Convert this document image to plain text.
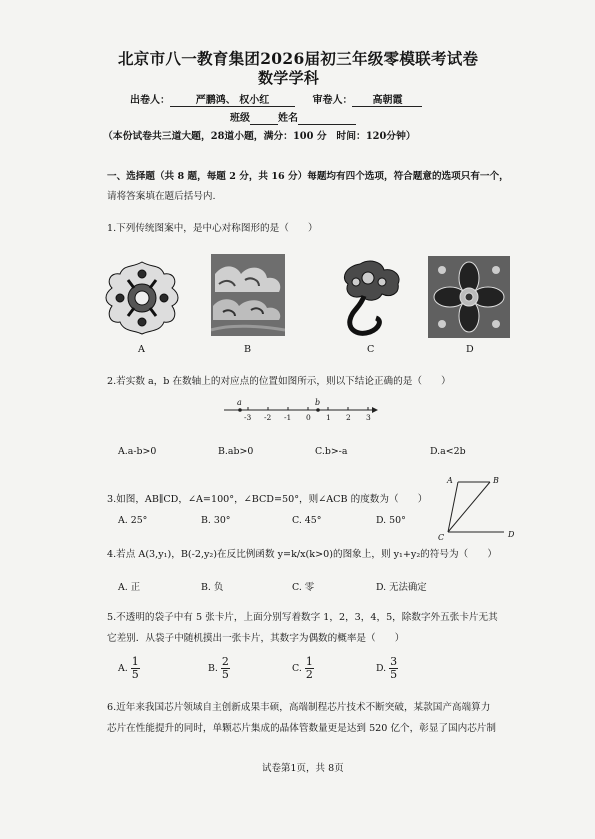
北京市八一教育集团2026届初三年级零模联考试卷
数学学科
出卷人：	严鹏鸿、 权小红	审卷人： 高朝霞
班级	姓名
（本份试卷共三道大题，28道小题，满分：100 分　时间：120分钟）
一、选择题（共 8 题，每题 2 分，共 16 分）每题均有四个选项，符合题意的选项只有一个，
请将答案填在题后括号内.
1.下列传统图案中，是中心对称图形的是（　　）
A	B	C	D
2.若实数 a，b 在数轴上的对应点的位置如图所示，则以下结论正确的是（　　）
a	b
-3 -2 -1 0 1 2 3
A.a-b>0	B.ab>0	C.b>-a	D.a<2b
3.如图，AB∥CD，∠A=100°，∠BCD=50°，则∠ACB 的度数为（　　）
A. 25°	B. 30°	C. 45°	D. 50°
A	B
C	D
4.若点 A(3,y₁)，B(-2,y₂)在反比例函数 y=k/x(k>0)的图象上，则 y₁+y₂的符号为（　　）
A. 正	B. 负	C. 零	D. 无法确定
5.不透明的袋子中有 5 张卡片，上面分别写着数字 1，2，3，4，5，除数字外五张卡片无其
它差别．从袋子中随机摸出一张卡片，其数字为偶数的概率是（　　）
A. $\frac{1}{5}$	B. $\frac{2}{5}$	C. $\frac{1}{2}$	D. $\frac{3}{5}$
6.近年来我国芯片领域自主创新成果丰硕，高端制程芯片技术不断突破，某款国产高端算力
芯片在性能提升的同时，单颗芯片集成的晶体管数量更是达到 520 亿个，彰显了国内芯片制
试卷第1页，共 8页
